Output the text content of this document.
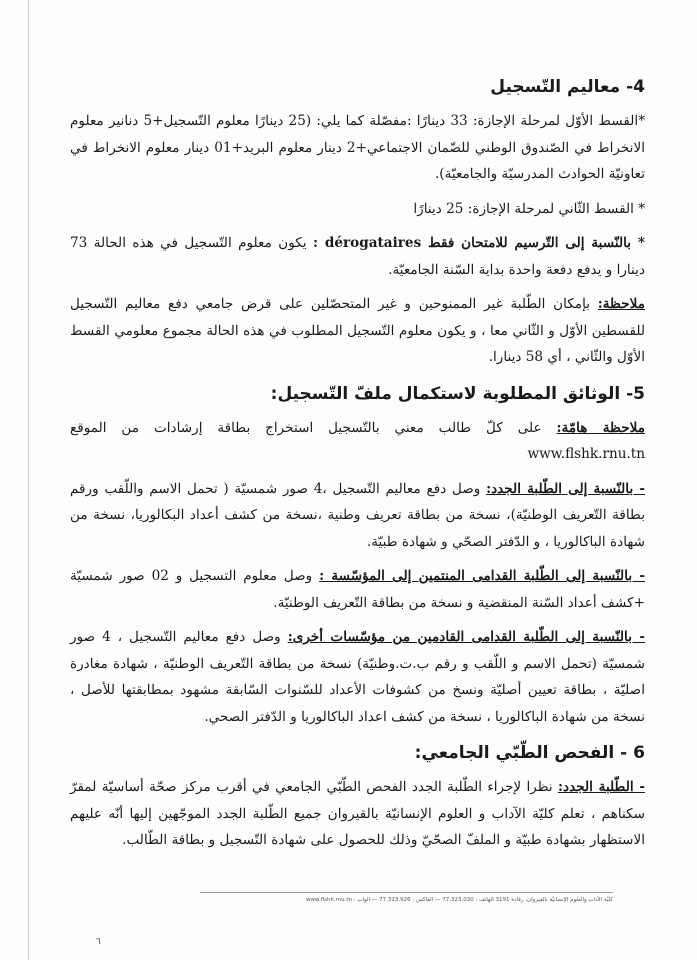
4- معاليم التّسجيل
*القسط الأوّل لمرحلة الإجازة: 33 دينارًا :مفصّلة كما يلي: (25 دينارًا معلوم التّسجيل+5 دنانير معلوم الانخراط في الصّندوق الوطني للضّمان الاجتماعي+2 دينار معلوم البريد+01 دينار معلوم الانخراط في تعاونيّة الحوادث المدرسيّة والجامعيّة).
* القسط الثّاني لمرحلة الإجازة: 25 دينارًا
* بالنّسبة إلى التّرسيم للامتحان فقط dérogataires : يكون معلوم التّسجيل في هذه الحالة 73 دينارا و يدفع دفعة واحدة بداية السّنة الجامعيّة.
ملاحظة: بإمكان الطّلبة غير الممنوحين و غير المتحصّلين على قرض جامعي دفع معاليم التّسجيل للقسطين الأوّل و الثّاني معا ، و يكون معلوم التّسجيل المطلوب في هذه الحالة مجموع معلومي القسط الأوّل والثّاني ، أي 58 دينارا.
5- الوثائق المطلوبة لاستكمال ملفّ التّسجيل:
ملاحظة هامّة: على كلّ طالب معني بالتّسجيل استخراج بطاقة إرشادات من الموقع www.flshk.rnu.tn
- بالنّسبة إلى الطّلبة الجدد: وصل دفع معاليم التّسجيل ،4 صور شمسيّة ( تحمل الاسم واللّقب ورقم بطاقة التّعريف الوطنيّة)، نسخة من بطاقة تعريف وطنية ،نسخة من كشف أعداد البكالوريا، نسخة من شهادة الباكالوريا ، و الدّفتر الصحّي و شهادة طبيّة.
- بالنّسبة إلى الطّلبة القدامى المنتمين إلى المؤسّسة : وصل معلوم التسجيل و 02 صور شمسيّة +كشف أعداد السّنة المنقضية و نسخة من بطاقة التّعريف الوطنيّة.
- بالنّسبة إلى الطّلبة القدامى القادمين من مؤسّسات أخرى: وصل دفع معاليم التّسجيل ، 4 صور شمسيّة (تحمل الاسم و اللّقب و رقم ب.ت.وطنيّة) نسخة من بطاقة التّعريف الوطنيّة ، شهادة مغادرة اصليّة ، بطاقة تعيين أصليّة ونسخ من كشوفات الأعداد للسّنوات السّابقة مشهود بمطابقتها للأصل ، نسخة من شهادة الباكالوريا ، نسخة من كشف اعداد الباكالوريا و الدّفتر الصحي.
6 - الفحص الطّبّي الجامعي:
- الطّلبة الجدد: نظرا لإجراء الطّلبة الجدد الفحص الطّبّي الجامعي في أقرب مركز صحّة أساسيّة لمقرّ سكناهم ، تعلم كليّة الآداب و العلوم الإنسانيّة بالقيروان جميع الطّلبة الجدد الموجّهين إليها أنّه عليهم الاستظهار بشهادة طبيّة و الملفّ الصحّيّ وذلك للحصول على شهادة التّسجيل و بطاقة الطّالب.
كليّة الآداب والعلوم الإنسانيّة بالقيروان، رقادة 3191 الهاتف : 77.323.030 — الفاكس : 77.323.926 — الواب : www.flshk.rnu.tn
٦
